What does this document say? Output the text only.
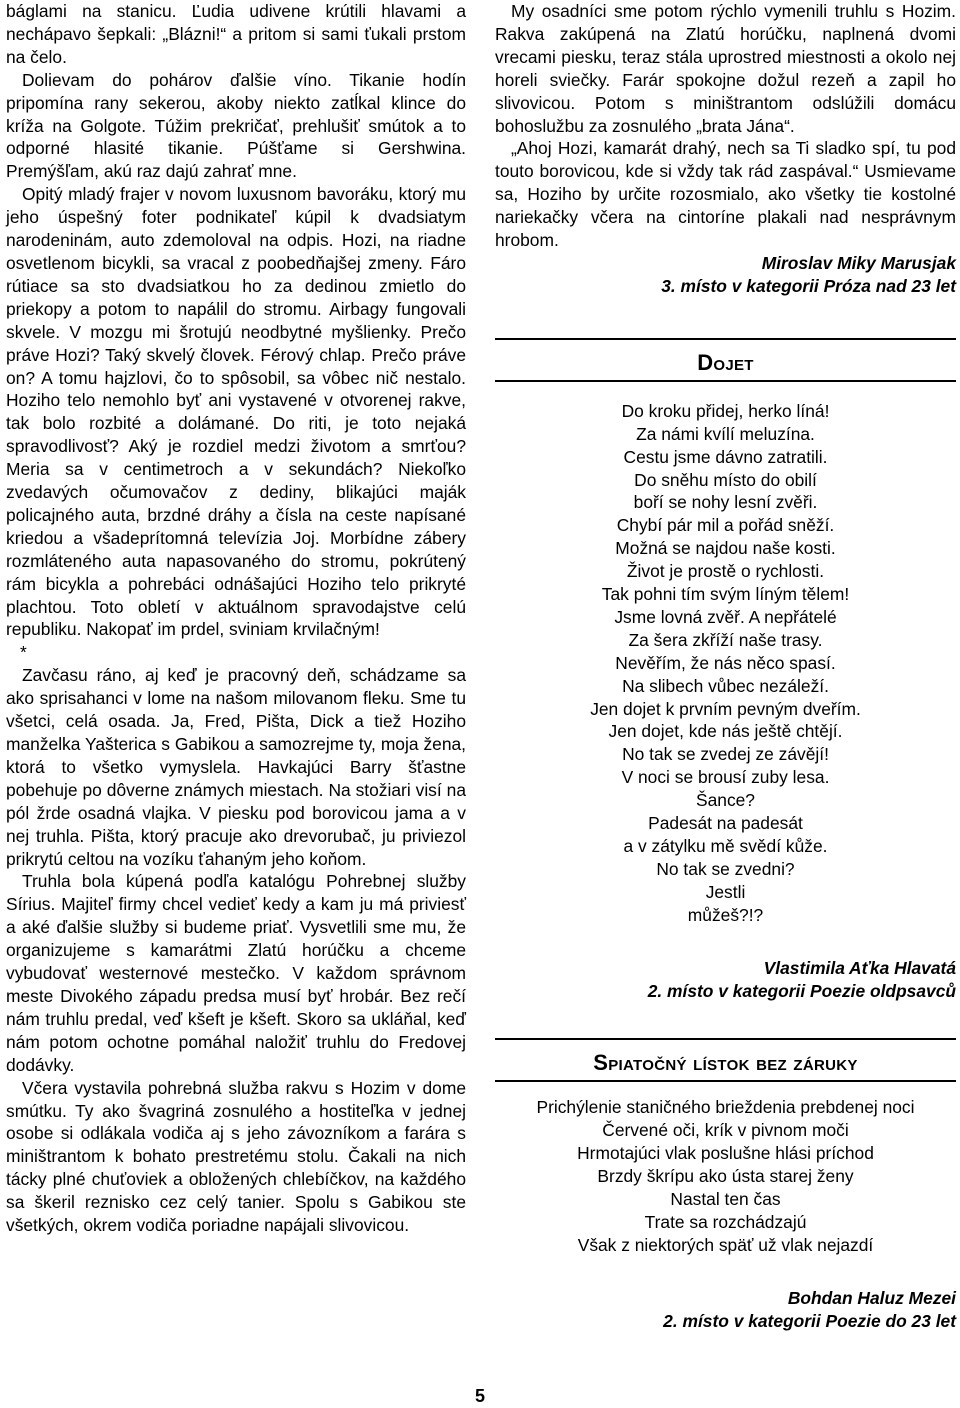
báglami na stanicu. Ľudia udivene krútili hlavami a nechápavo šepkali: „Blázni!“ a pritom si sami ťukali prstom na čelo.

Dolievam do pohárov ďalšie víno. Tikanie hodín pripomína rany sekerou, akoby niekto zatĺkal klince do kríža na Golgote. Túžim prekričať, prehlušiť smútok a to odporné hlasité tikanie. Púšťame si Gershwina. Premýšľam, akú raz dajú zahrať mne.

Opitý mladý frajer v novom luxusnom bavoráku, ktorý mu jeho úspešný foter podnikateľ kúpil k dvadsiatym narodeninám, auto zdemoloval na odpis. Hozi, na riadne osvetlenom bicykli, sa vracal z poobedňajšej zmeny. Fáro rútiace sa sto dvadsiatkou ho za dedinou zmietlo do priekopy a potom to napálil do stromu. Airbagy fungovali skvele. V mozgu mi šrotujú neodbytné myšlienky. Prečo práve Hozi? Taký skvelý človek. Férový chlap. Prečo práve on? A tomu hajzlovi, čo to spôsobil, sa vôbec nič nestalo. Hoziho telo nemohlo byť ani vystavené v otvorenej rakve, tak bolo rozbité a dolámané. Do riti, je toto nejaká spravodlivosť? Aký je rozdiel medzi životom a smrťou? Meria sa v centimetroch a v sekundách? Niekoľko zvedavých očumovačov z dediny, blikajúci maják policajného auta, brzdné dráhy a čísla na ceste napísané kriedou a všadeprítomná televízia Joj. Morbídne zábery rozmláteného auta napasovaného do stromu, pokrútený rám bicykla a pohrebáci odnášajúci Hoziho telo prikryté plachtou. Toto obletí v aktuálnom spravodajstve celú republiku. Nakopať im prdel, sviniam krvilačným!

*

Zavčasu ráno, aj keď je pracovný deň, schádzame sa ako sprisahanci v lome na našom milovanom fleku. Sme tu všetci, celá osada. Ja, Fred, Pišta, Dick a tiež Hoziho manželka Yašterica s Gabikou a samozrejme ty, moja žena, ktorá to všetko vymyslela. Havkajúci Barry šťastne pobehuje po dôverne známych miestach. Na stožiari visí na pól žrde osadná vlajka. V piesku pod borovicou jama a v nej truhla. Pišta, ktorý pracuje ako drevorubač, ju priviezol prikrytú celtou na vozíku ťahaným jeho koňom.

Truhla bola kúpená podľa katalógu Pohrebnej služby Sírius. Majiteľ firmy chcel vedieť kedy a kam ju má priviesť a aké ďalšie služby si budeme priať. Vysvetlili sme mu, že organizujeme s kamarátmi Zlatú horúčku a chceme vybudovať westernové mestečko. V každom správnom meste Divokého západu predsa musí byť hrobár. Bez rečí nám truhlu predal, veď kšeft je kšeft. Skoro sa ukláňal, keď nám potom ochotne pomáhal naložiť truhlu do Fredovej dodávky.

Včera vystavila pohrebná služba rakvu s Hozim v dome smútku. Ty ako švagriná zosnulého a hostiteľka v jednej osobe si odlákala vodiča aj s jeho závozníkom a farára s miništrantom k bohato prestretému stolu. Čakali na nich tácky plné chuťoviek a obložených chlebíčkov, na každého sa škeril reznisko cez celý tanier. Spolu s Gabikou ste všetkých, okrem vodiča poriadne napájali slivovicou.

My osadníci sme potom rýchlo vymenili truhlu s Hozim. Rakva zakúpená na Zlatú horúčku, naplnená dvomi vrecami piesku, teraz stála uprostred miestnosti a okolo nej horeli sviečky. Farár spokojne dožul rezeň a zapil ho slivovicou. Potom s miništrantom odslúžili domácu bohoslužbu za zosnulého „brata Jána“.

„Ahoj Hozi, kamarát drahý, nech sa Ti sladko spí, tu pod touto borovicou, kde si vždy tak rád zaspával.“ Usmievame sa, Hoziho by určite rozosmialo, ako všetky tie kostolné nariekačky včera na cintoríne plakali nad nesprávnym hrobom.

Miroslav Miky Marusjak

3. místo v kategorii Próza nad 23 let

Dojet

Do kroku přidej, herko líná!
Za námi kvílí meluzína.
Cestu jsme dávno zatratili.
Do sněhu místo do obilí
boří se nohy lesní zvěři.
Chybí pár mil a pořád sněží.
Možná se najdou naše kosti.
Život je prostě o rychlosti.
Tak pohni tím svým líným tělem!
Jsme lovná zvěř. A nepřátelé
Za šera zkříží naše trasy.
Nevěřím, že nás něco spasí.
Na slibech vůbec nezáleží.
Jen dojet k prvním pevným dveřím.
Jen dojet, kde nás ještě chtějí.
No tak se zvedej ze závějí!
V noci se brousí zuby lesa.
Šance?
Padesát na padesát
a v zátylku mě svědí kůže.
No tak se zvedni?
Jestli
můžeš?!?

Vlastimila Aťka Hlavatá

2. místo v kategorii Poezie oldpsavců

Spiatočný lístok bez záruky

Prichýlenie staničného brieždenia prebdenej noci
Červené oči, krík v pivnom moči
Hrmotajúci vlak poslušne hlási príchod
Brzdy škrípu ako ústa starej ženy
Nastal ten čas
Trate sa rozchádzajú
Však z niektorých späť už vlak nejazdí

Bohdan Haluz Mezei

2. místo v kategorii Poezie do 23 let

5
